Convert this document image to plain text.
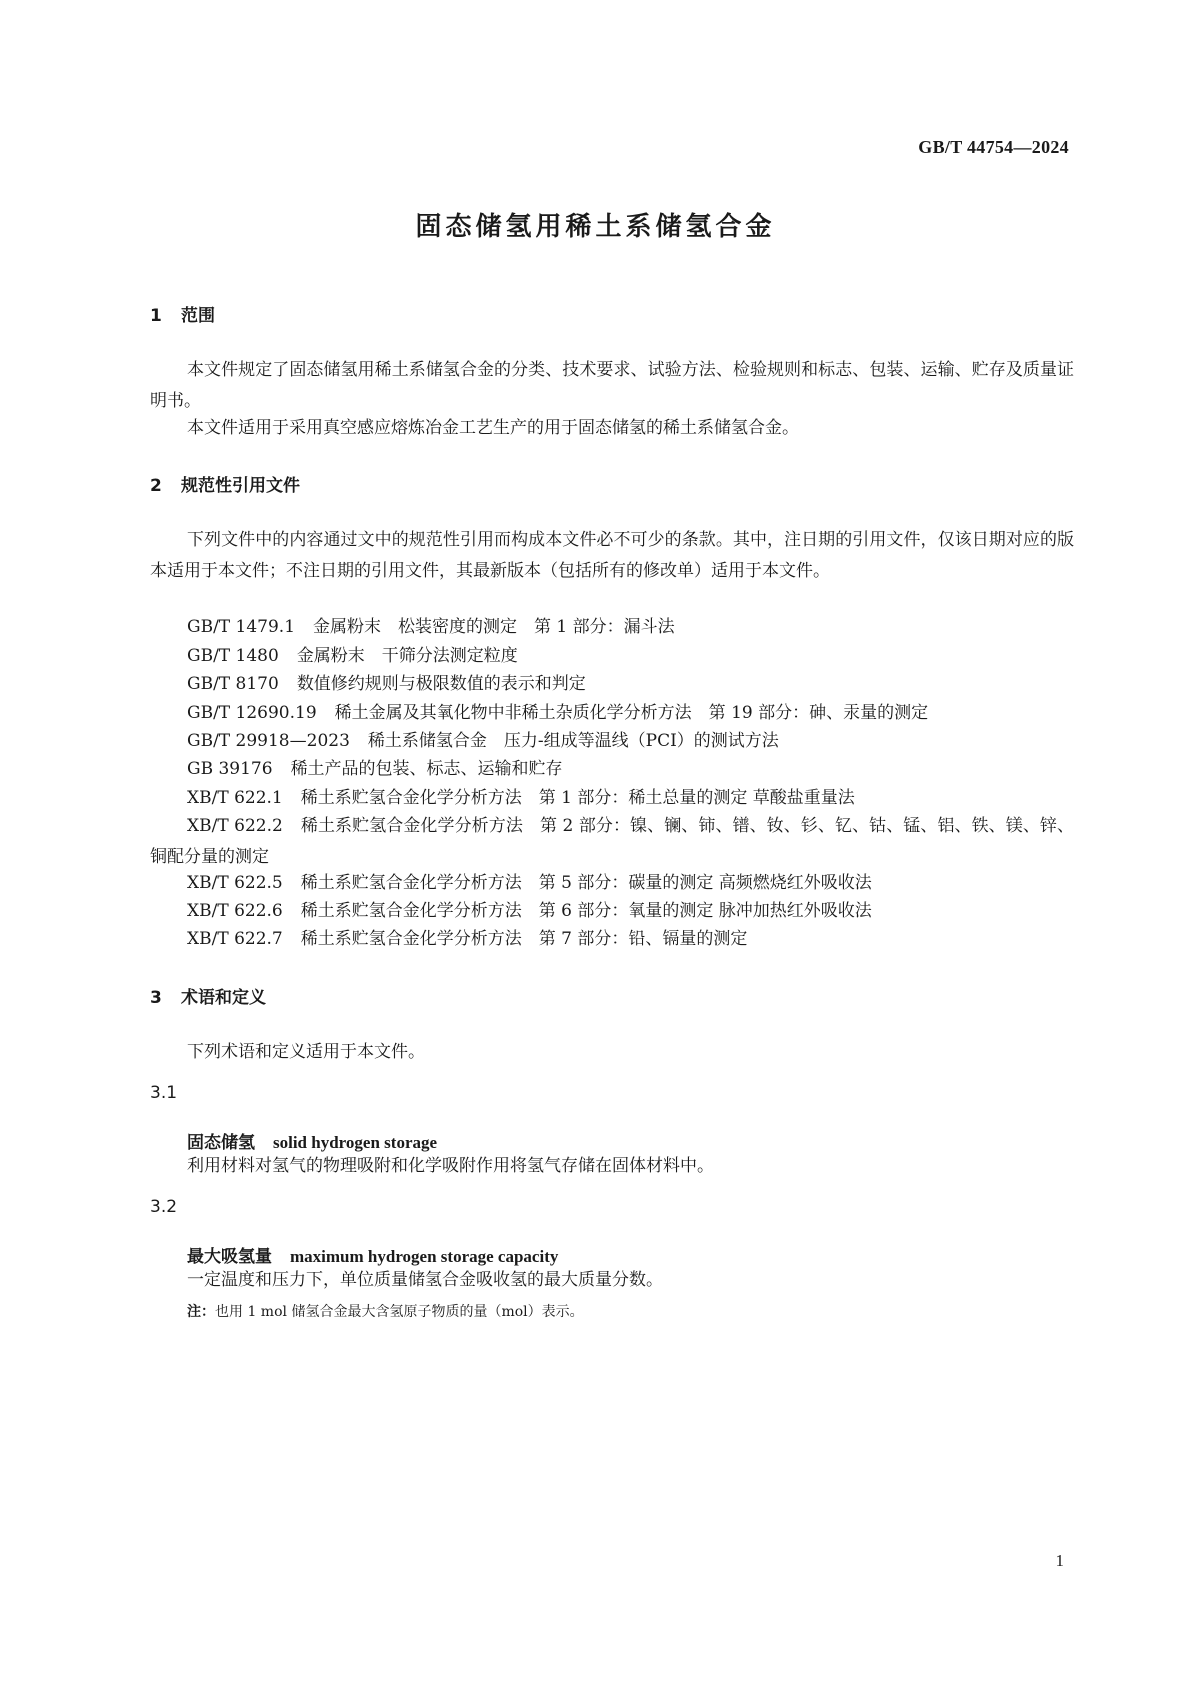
GB/T 44754—2024
固态储氢用稀土系储氢合金
1 范围

本文件规定了固态储氢用稀土系储氢合金的分类、技术要求、试验方法、检验规则和标志、包装、运输、贮存及质量证明书。

本文件适用于采用真空感应熔炼冶金工艺生产的用于固态储氢的稀土系储氢合金。

2 规范性引用文件

下列文件中的内容通过文中的规范性引用而构成本文件必不可少的条款。其中，注日期的引用文件，仅该日期对应的版本适用于本文件；不注日期的引用文件，其最新版本（包括所有的修改单）适用于本文件。

GB/T 1479.1 金属粉末　松装密度的测定　第 1 部分：漏斗法

GB/T 1480 金属粉末　干筛分法测定粒度

GB/T 8170 数值修约规则与极限数值的表示和判定

GB/T 12690.19 稀土金属及其氧化物中非稀土杂质化学分析方法　第 19 部分：砷、汞量的测定

GB/T 29918—2023 稀土系储氢合金　压力-组成等温线（PCI）的测试方法

GB 39176 稀土产品的包装、标志、运输和贮存

XB/T 622.1 稀土系贮氢合金化学分析方法　第 1 部分：稀土总量的测定 草酸盐重量法

XB/T 622.2 稀土系贮氢合金化学分析方法　第 2 部分：镍、镧、铈、镨、钕、钐、钇、钴、锰、铝、铁、镁、锌、铜配分量的测定

XB/T 622.5 稀土系贮氢合金化学分析方法　第 5 部分：碳量的测定 高频燃烧红外吸收法

XB/T 622.6 稀土系贮氢合金化学分析方法　第 6 部分：氧量的测定 脉冲加热红外吸收法

XB/T 622.7 稀土系贮氢合金化学分析方法　第 7 部分：铅、镉量的测定

3 术语和定义

下列术语和定义适用于本文件。

3.1

固态储氢 solid hydrogen storage

利用材料对氢气的物理吸附和化学吸附作用将氢气存储在固体材料中。

3.2

最大吸氢量 maximum hydrogen storage capacity

一定温度和压力下，单位质量储氢合金吸收氢的最大质量分数。

注：也用 1 mol 储氢合金最大含氢原子物质的量（mol）表示。

1
